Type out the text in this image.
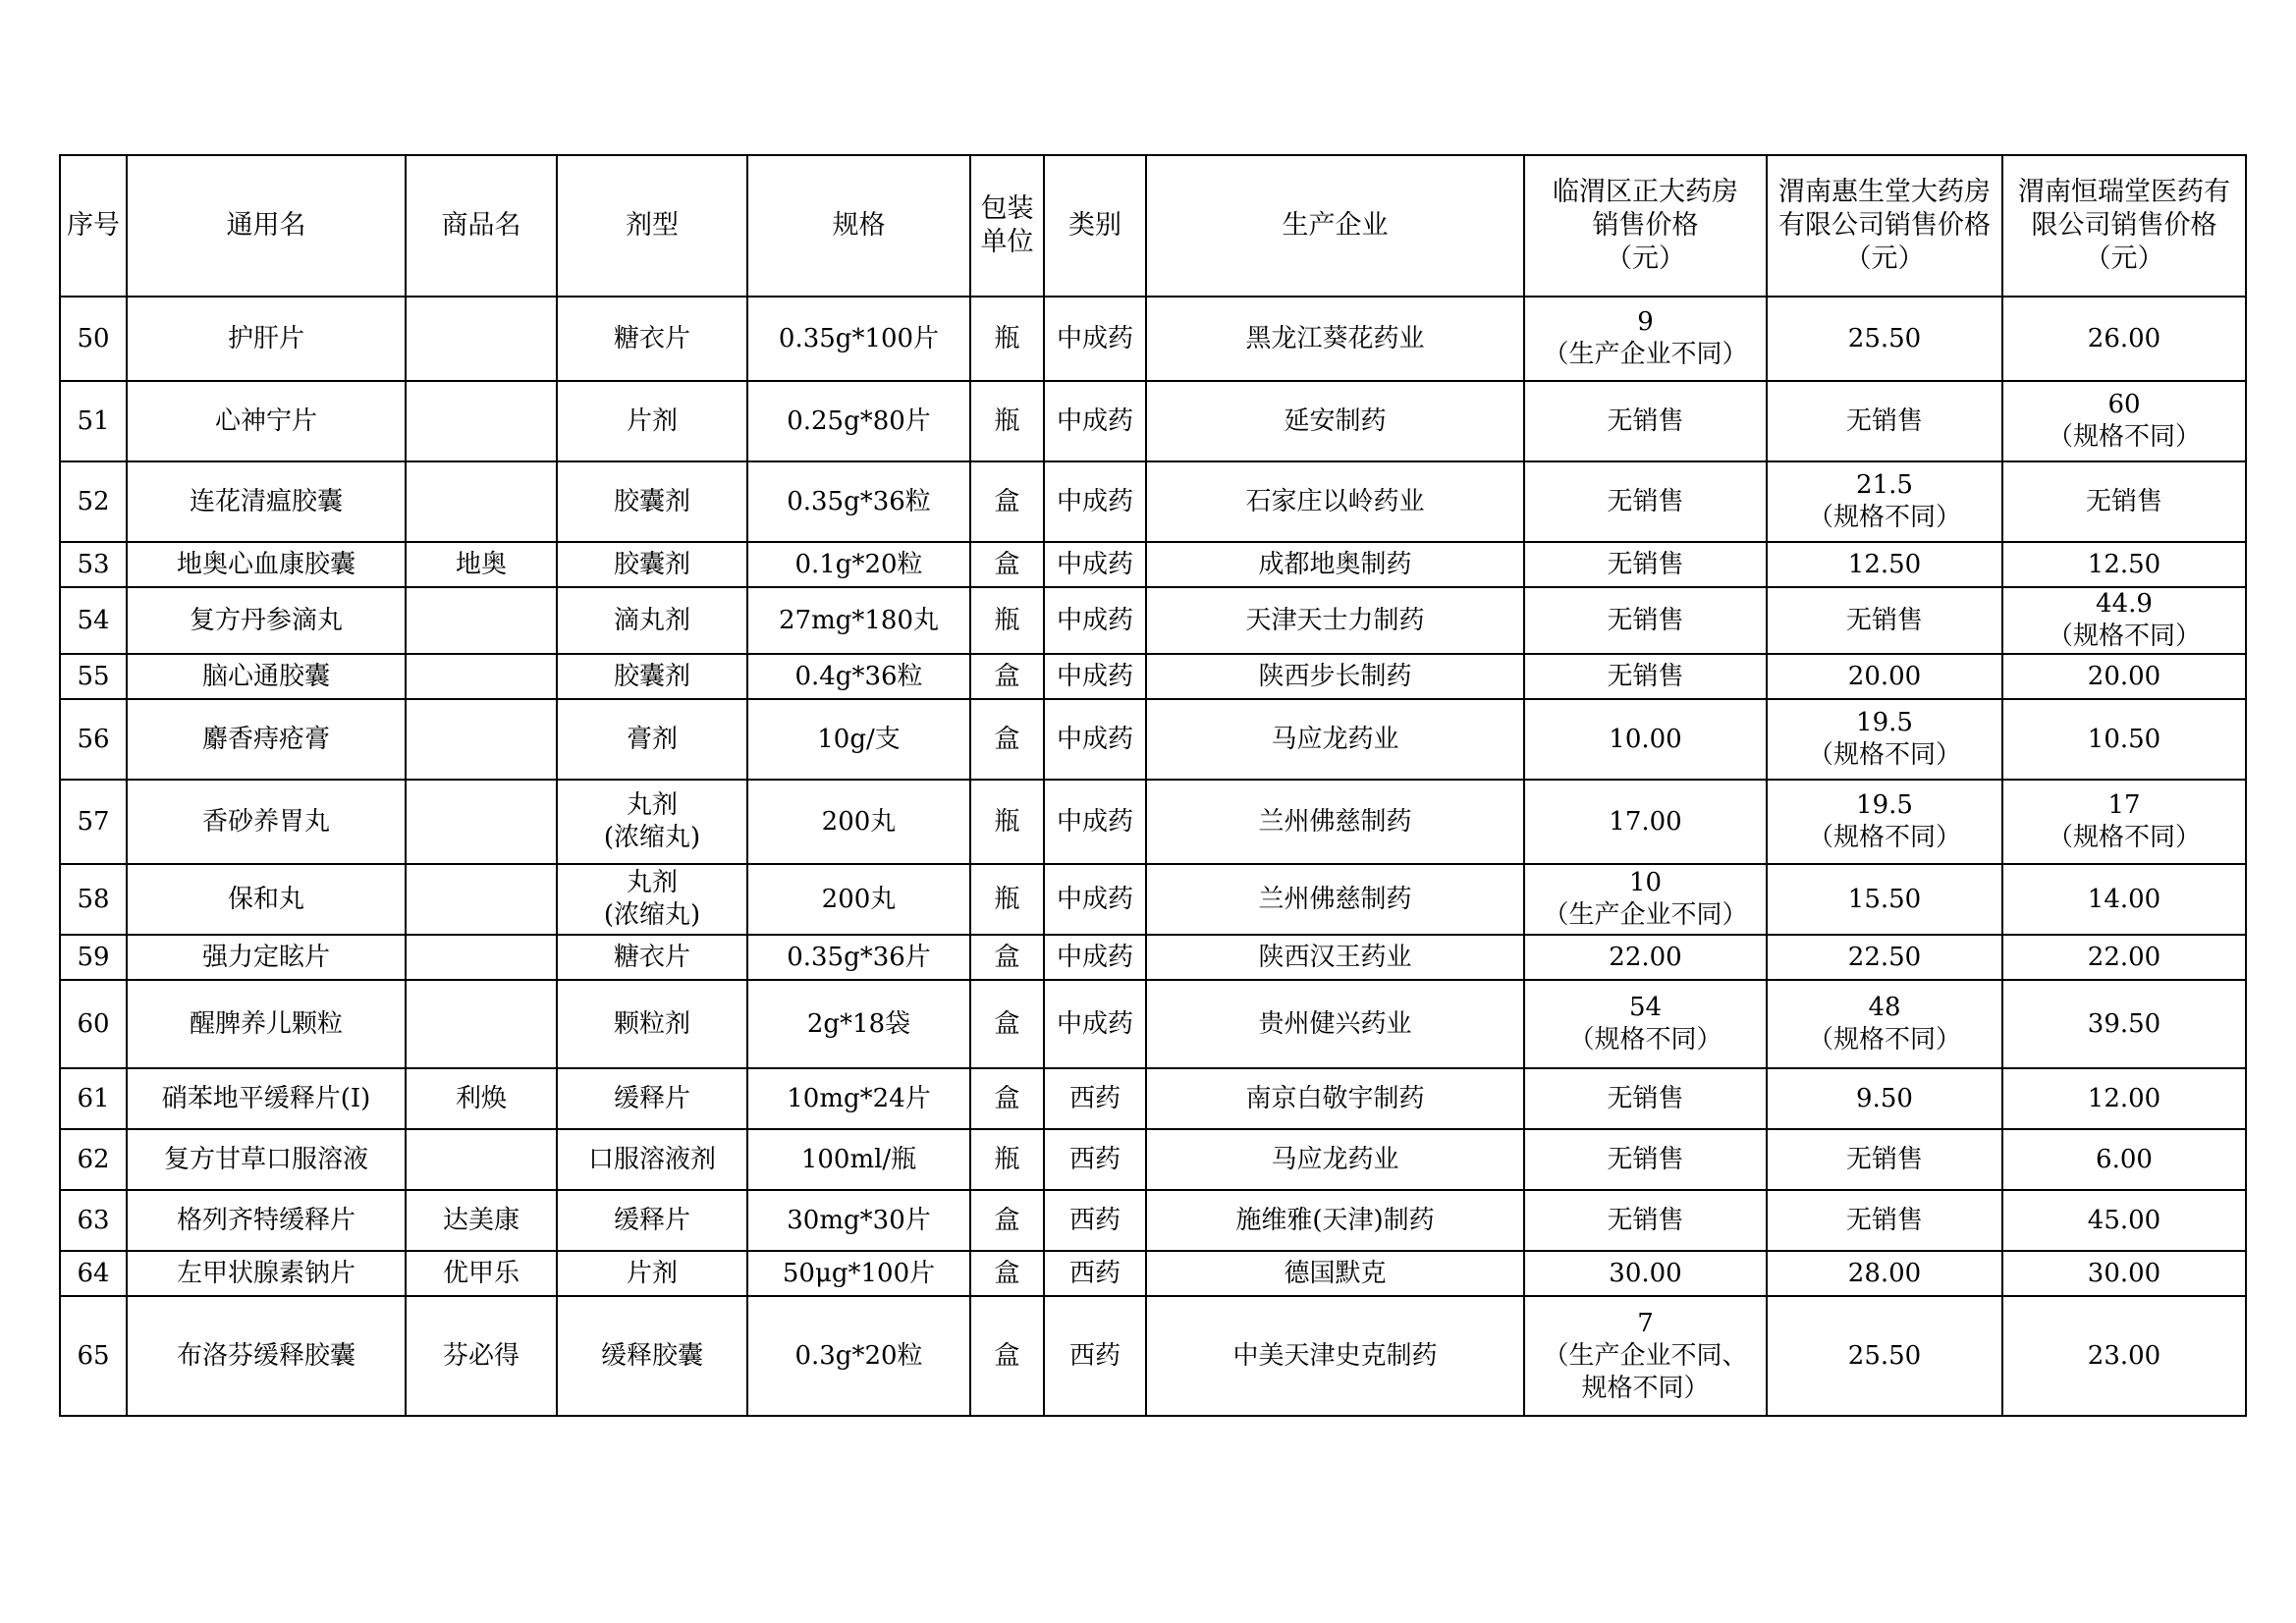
序号	通用名	商品名	剂型	规格	包装
单位	类别	生产企业	临渭区正大药房
销售价格
（元）	渭南惠生堂大药房
有限公司销售价格
（元）	渭南恒瑞堂医药有
限公司销售价格
（元）

50	护肝片		糖衣片	0.35g*100片	瓶	中成药	黑龙江葵花药业	9
（生产企业不同）	25.50	26.00

51	心神宁片		片剂	0.25g*80片	瓶	中成药	延安制药	无销售	无销售	60
（规格不同）

52	连花清瘟胶囊		胶囊剂	0.35g*36粒	盒	中成药	石家庄以岭药业	无销售	21.5
（规格不同）	无销售

53	地奥心血康胶囊	地奥	胶囊剂	0.1g*20粒	盒	中成药	成都地奥制药	无销售	12.50	12.50

54	复方丹参滴丸		滴丸剂	27mg*180丸	瓶	中成药	天津天士力制药	无销售	无销售	44.9
（规格不同）

55	脑心通胶囊		胶囊剂	0.4g*36粒	盒	中成药	陕西步长制药	无销售	20.00	20.00

56	麝香痔疮膏		膏剂	10g/支	盒	中成药	马应龙药业	10.00	19.5
（规格不同）	10.50

57	香砂养胃丸		丸剂
(浓缩丸)	200丸	瓶	中成药	兰州佛慈制药	17.00	19.5
（规格不同）	17
（规格不同）

58	保和丸		丸剂
(浓缩丸)	200丸	瓶	中成药	兰州佛慈制药	10
（生产企业不同）	15.50	14.00

59	强力定眩片		糖衣片	0.35g*36片	盒	中成药	陕西汉王药业	22.00	22.50	22.00

60	醒脾养儿颗粒		颗粒剂	2g*18袋	盒	中成药	贵州健兴药业	54
（规格不同）	48
（规格不同）	39.50

61	硝苯地平缓释片(Ⅰ)	利焕	缓释片	10mg*24片	盒	西药	南京白敬宇制药	无销售	9.50	12.00

62	复方甘草口服溶液		口服溶液剂	100ml/瓶	瓶	西药	马应龙药业	无销售	无销售	6.00

63	格列齐特缓释片	达美康	缓释片	30mg*30片	盒	西药	施维雅(天津)制药	无销售	无销售	45.00

64	左甲状腺素钠片	优甲乐	片剂	50μg*100片	盒	西药	德国默克	30.00	28.00	30.00

65	布洛芬缓释胶囊	芬必得	缓释胶囊	0.3g*20粒	盒	西药	中美天津史克制药	7
（生产企业不同、
规格不同）	25.50	23.00
